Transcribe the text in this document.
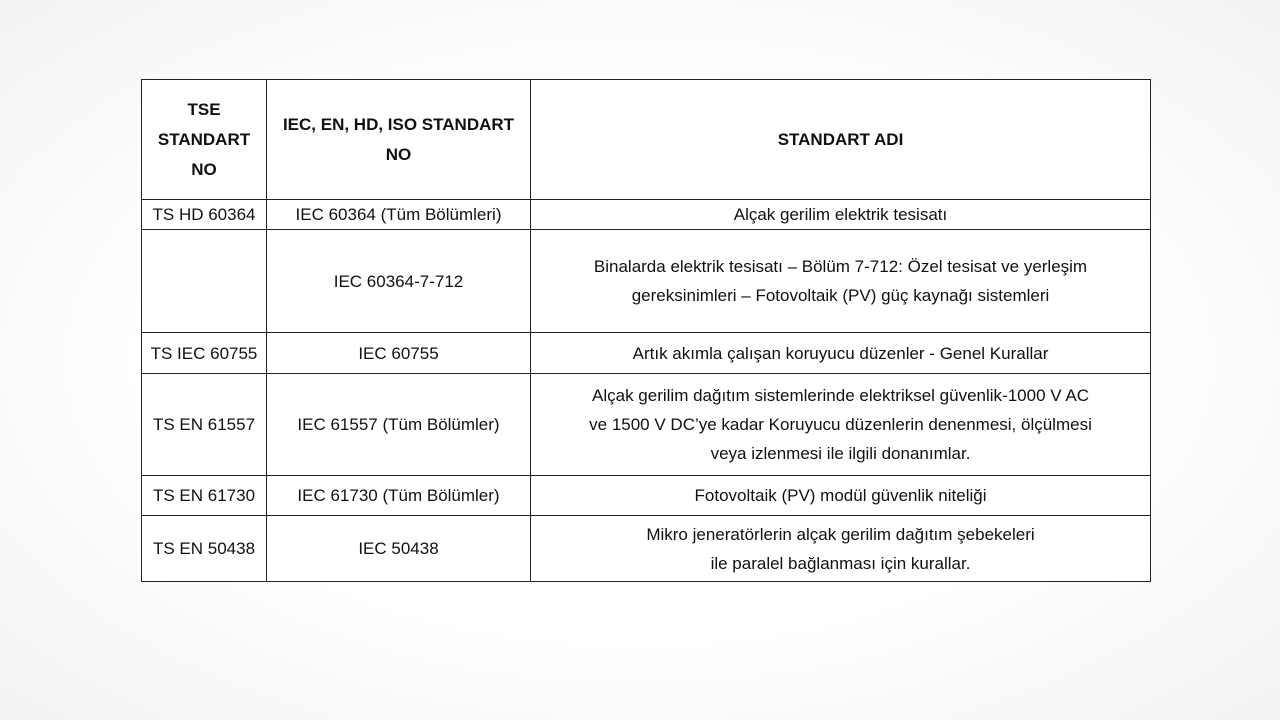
TSE STANDART NO	IEC, EN, HD, ISO STANDART NO	STANDART ADI
TS HD 60364	IEC 60364 (Tüm Bölümleri)	Alçak gerilim elektrik tesisatı
	IEC 60364-7-712	Binalarda elektrik tesisatı – Bölüm 7-712: Özel tesisat ve yerleşim
gereksinimleri – Fotovoltaik (PV) güç kaynağı sistemleri

TS IEC 60755	IEC 60755	Artık akımla çalışan koruyucu düzenler - Genel Kurallar
TS EN 61557	IEC 61557 (Tüm Bölümler)	Alçak gerilim dağıtım sistemlerinde elektriksel güvenlik-1000 V AC
ve 1500 V DC’ye kadar Koruyucu düzenlerin denenmesi, ölçülmesi
veya izlenmesi ile ilgili donanımlar.

TS EN 61730	IEC 61730 (Tüm Bölümler)	Fotovoltaik (PV) modül güvenlik niteliği
TS EN 50438	IEC 50438	Mikro jeneratörlerin alçak gerilim dağıtım şebekeleri
ile paralel bağlanması için kurallar.
